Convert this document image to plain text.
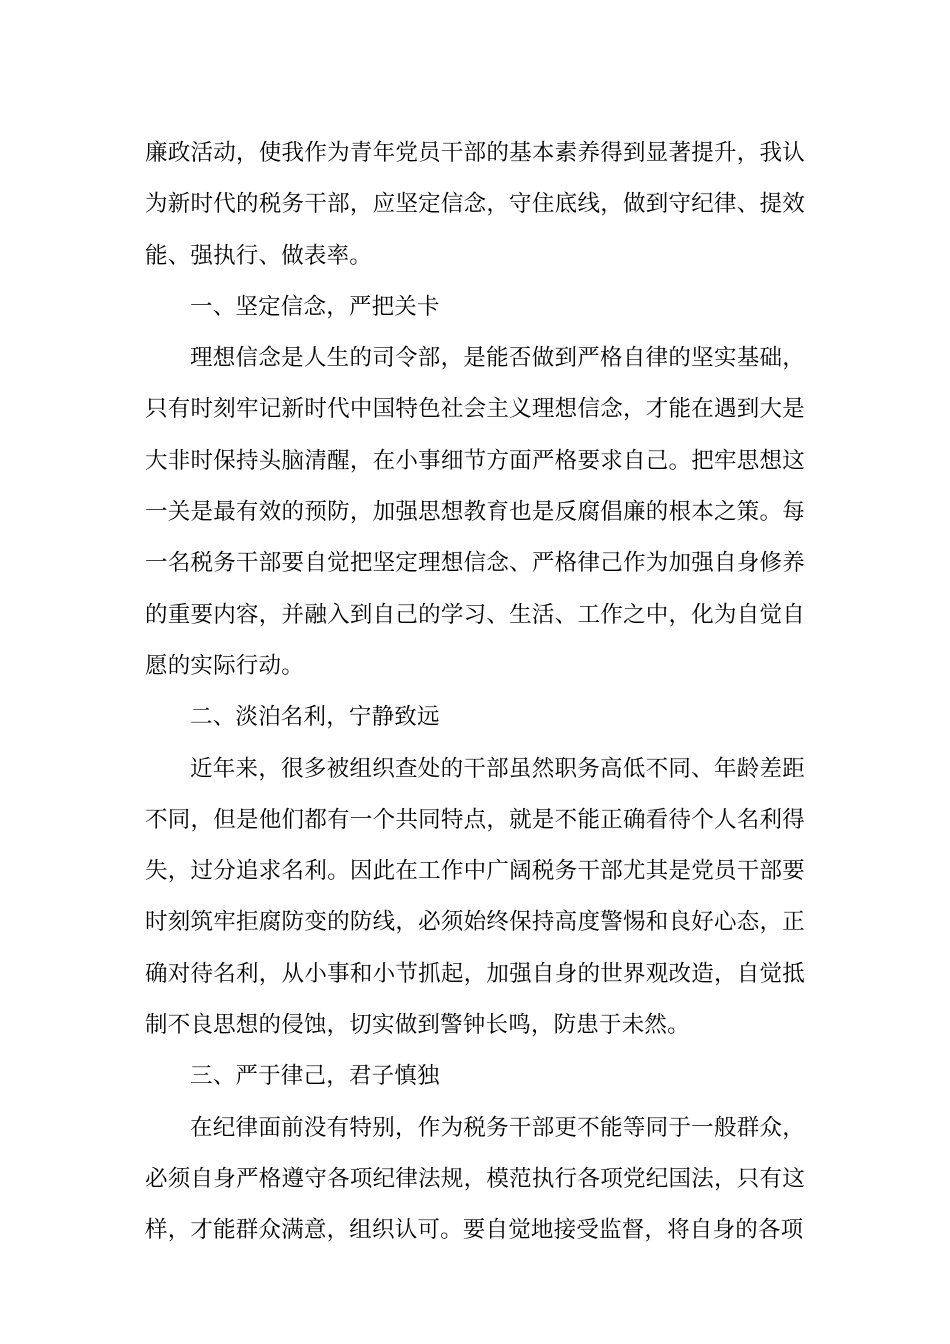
廉政活动，使我作为青年党员干部的基本素养得到显著提升，我认为新时代的税务干部，应坚定信念，守住底线，做到守纪律、提效能、强执行、做表率。

一、坚定信念，严把关卡

理想信念是人生的司令部，是能否做到严格自律的坚实基础，只有时刻牢记新时代中国特色社会主义理想信念，才能在遇到大是大非时保持头脑清醒，在小事细节方面严格要求自己。把牢思想这一关是最有效的预防，加强思想教育也是反腐倡廉的根本之策。每一名税务干部要自觉把坚定理想信念、严格律己作为加强自身修养的重要内容，并融入到自己的学习、生活、工作之中，化为自觉自愿的实际行动。

二、淡泊名利，宁静致远

近年来，很多被组织查处的干部虽然职务高低不同、年龄差距不同，但是他们都有一个共同特点，就是不能正确看待个人名利得失，过分追求名利。因此在工作中广阔税务干部尤其是党员干部要时刻筑牢拒腐防变的防线，必须始终保持高度警惕和良好心态，正确对待名利，从小事和小节抓起，加强自身的世界观改造，自觉抵制不良思想的侵蚀，切实做到警钟长鸣，防患于未然。

三、严于律己，君子慎独

在纪律面前没有特别，作为税务干部更不能等同于一般群众，必须自身严格遵守各项纪律法规，模范执行各项党纪国法，只有这样，才能群众满意，组织认可。要自觉地接受监督，将自身的各项
